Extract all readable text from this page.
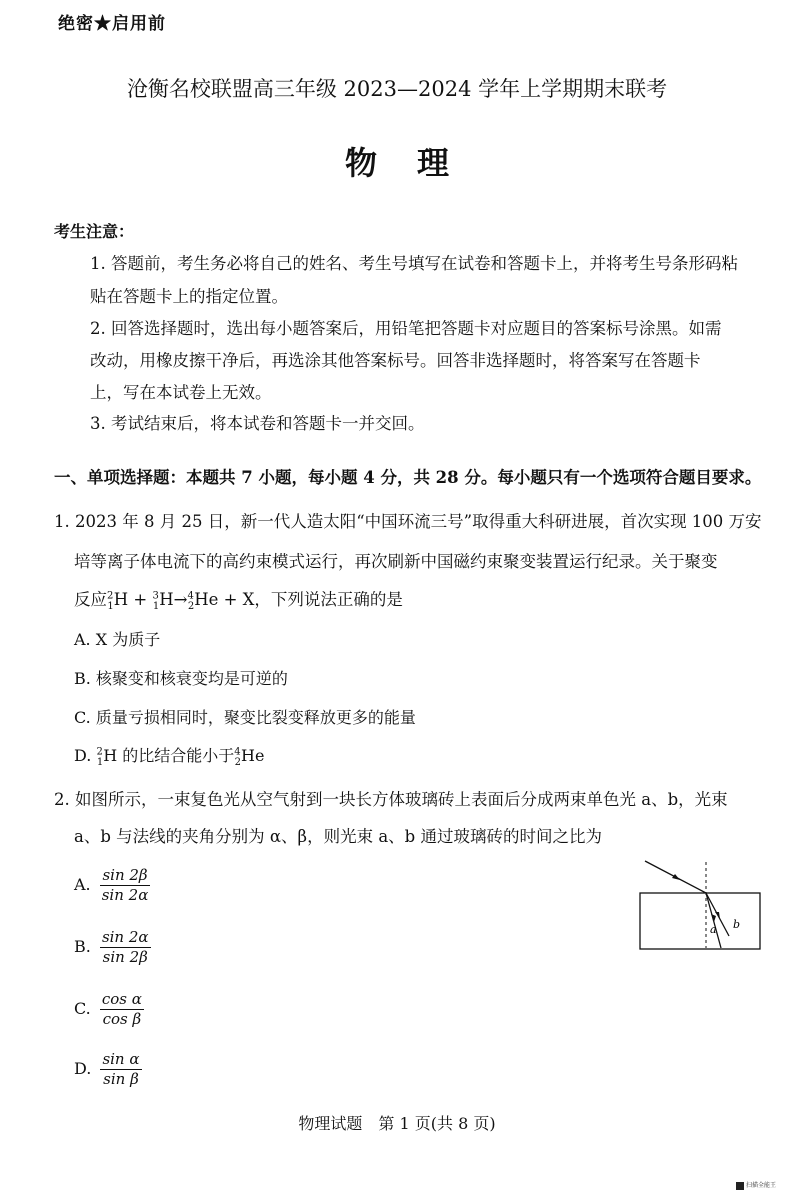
绝密★启用前
沧衡名校联盟高三年级 2023—2024 学年上学期期末联考
物理
考生注意：
1. 答题前，考生务必将自己的姓名、考生号填写在试卷和答题卡上，并将考生号条形码粘
贴在答题卡上的指定位置。
2. 回答选择题时，选出每小题答案后，用铅笔把答题卡对应题目的答案标号涂黑。如需
改动，用橡皮擦干净后，再选涂其他答案标号。回答非选择题时，将答案写在答题卡
上，写在本试卷上无效。
3. 考试结束后，将本试卷和答题卡一并交回。
一、单项选择题：本题共 7 小题，每小题 4 分，共 28 分。每小题只有一个选项符合题目要求。
1. 2023 年 8 月 25 日，新一代人造太阳“中国环流三号”取得重大科研进展，首次实现 100 万安
培等离子体电流下的高约束模式运行，再次刷新中国磁约束聚变装置运行纪录。关于聚变
反应$^2_1$H + $^3_1$H→$^4_2$He + X，下列说法正确的是
A. X 为质子
B. 核聚变和核衰变均是可逆的
C. 质量亏损相同时，聚变比裂变释放更多的能量
D. $^2_1$H 的比结合能小于$^4_2$He
2. 如图所示，一束复色光从空气射到一块长方体玻璃砖上表面后分成两束单色光 a、b，光束
a、b 与法线的夹角分别为 α、β，则光束 a、b 通过玻璃砖的时间之比为
A. $\frac{\sin 2\beta}{\sin 2\alpha}$
B. $\frac{\sin 2\alpha}{\sin 2\beta}$
C. $\frac{\text{cos α}}{\text{cos β}}$
D. $\frac{\text{sin α}}{\text{sin β}}$
a b
物理试题　第 1 页(共 8 页)
扫描全能王
